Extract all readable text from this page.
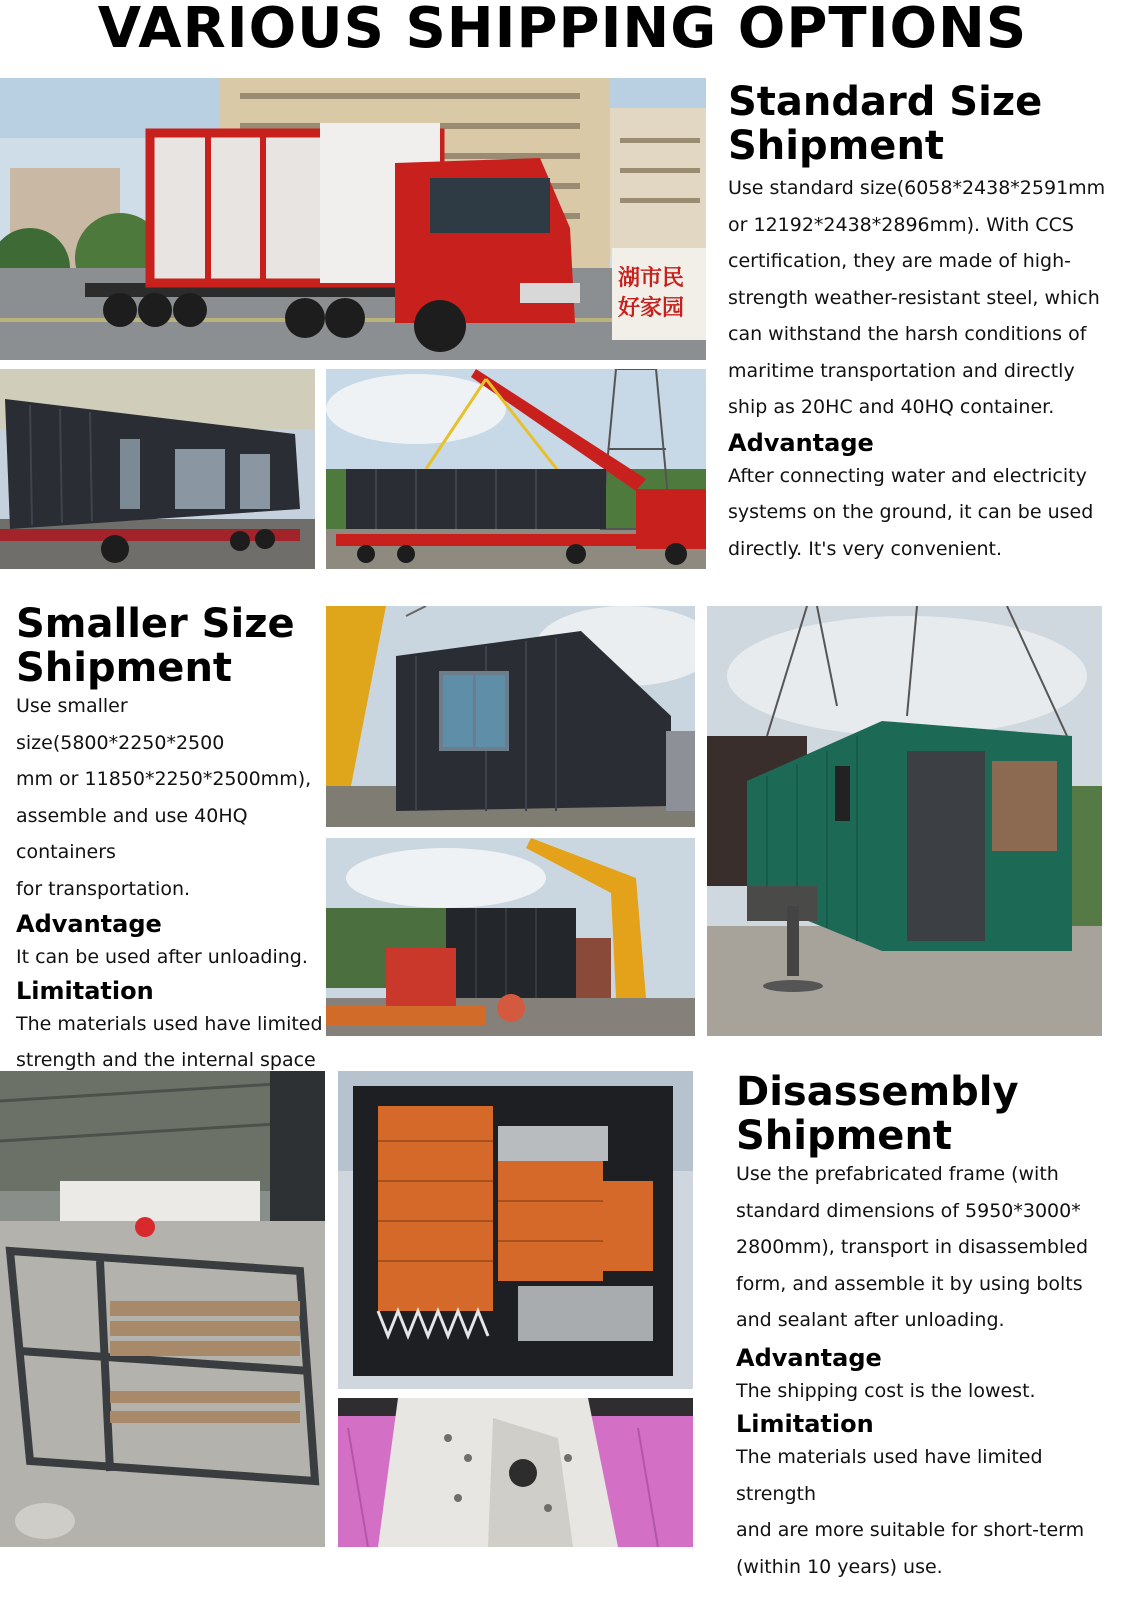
VARIOUS SHIPPING OPTIONS
湖市民 好家园
Standard Size
Shipment
Use standard size(6058*2438*2591mm
or 12192*2438*2896mm). With CCS
certification, they are made of high-
strength weather-resistant steel, which
can withstand the harsh conditions of
maritime transportation and directly
ship as 20HC and 40HQ container.
Advantage
After connecting water and electricity
systems on the ground, it can be used
directly. It's very convenient.
Smaller Size
Shipment
Use smaller size(5800*2250*2500
mm or 11850*2250*2500mm),
assemble and use 40HQ containers
for transportation.
Advantage
It can be used after unloading.
Limitation
The materials used have limited
strength and the internal space
Disassembly
Shipment
Use the prefabricated frame (with
standard dimensions of 5950*3000*
2800mm), transport in disassembled
form, and assemble it by using bolts
and sealant after unloading.
Advantage
The shipping cost is the lowest.
Limitation
The materials used have limited strength
and are more suitable for short-term
(within 10 years) use.
